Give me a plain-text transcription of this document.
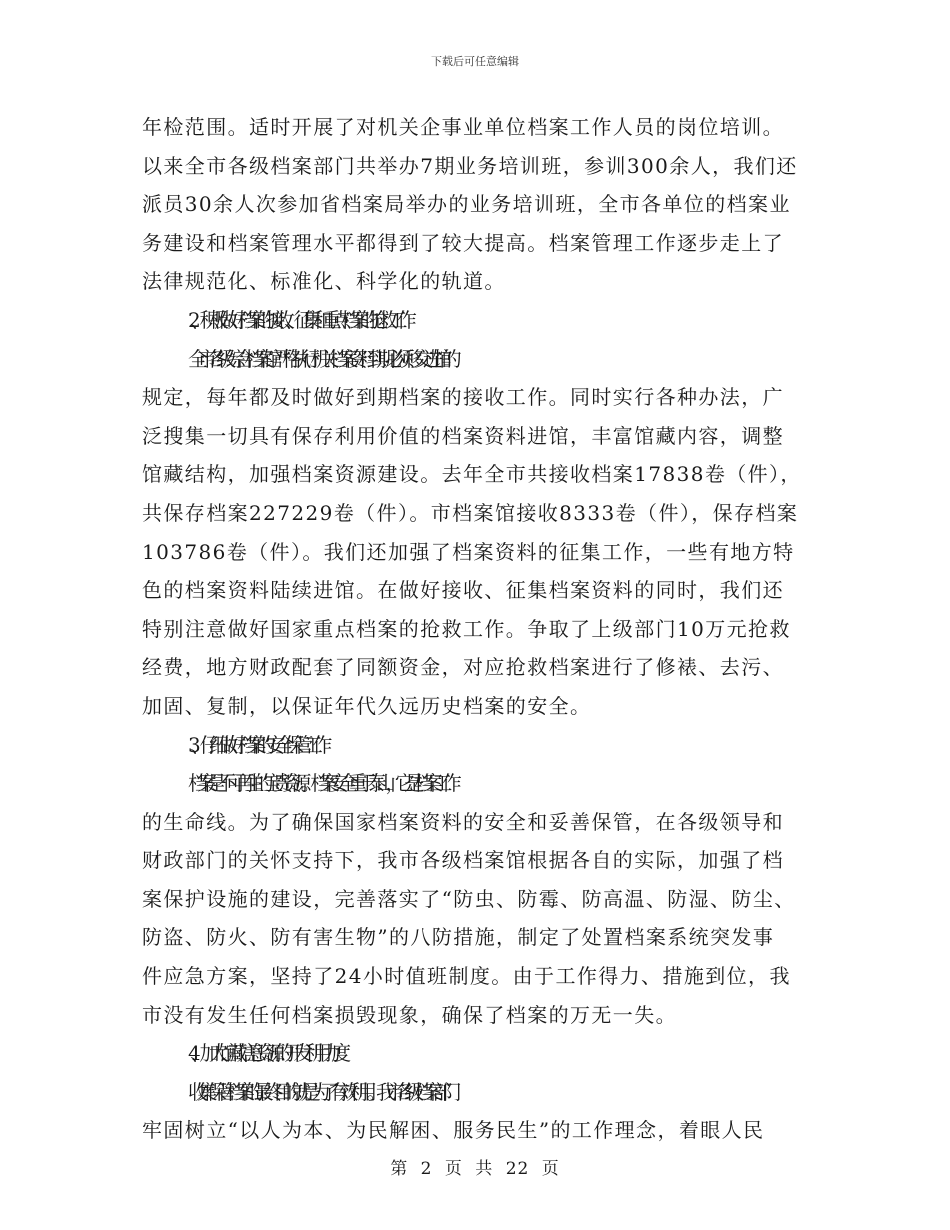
下载后可任意编辑
年检范围。适时开展了对机关企事业单位档案工作人员的岗位培训。
以来全市各级档案部门共举办7期业务培训班，参训300余人，我们还
派员30余人次参加省档案局举办的业务培训班，全市各单位的档案业
务建设和档案管理水平都得到了较大提高。档案管理工作逐步走上了
法律规范化、标准化、科学化的轨道。
2、积极做好档案的接收、征集和重点档案的抢救工作
全市各级综合档案馆严格执行机关档案资料到期必须移交进馆的
规定，每年都及时做好到期档案的接收工作。同时实行各种办法，广
泛搜集一切具有保存利用价值的档案资料进馆，丰富馆藏内容，调整
馆藏结构，加强档案资源建设。去年全市共接收档案17838卷（件），
共保存档案227229卷（件）。市档案馆接收8333卷（件），保存档案
103786卷（件）。我们还加强了档案资料的征集工作，一些有地方特
色的档案资料陆续进馆。在做好接收、征集档案资料的同时，我们还
特别注意做好国家重点档案的抢救工作。争取了上级部门10万元抢救
经费，地方财政配套了同额资金，对应抢救档案进行了修裱、去污、
加固、复制，以保证年代久远历史档案的安全。
3、仔细做好档案的安全保管工作
档案是不可再生的宝贵资源。档案安全重于泰山，它是档案工作
的生命线。为了确保国家档案资料的安全和妥善保管，在各级领导和
财政部门的关怀支持下，我市各级档案馆根据各自的实际，加强了档
案保护设施的建设，完善落实了“防虫、防霉、防高温、防湿、防尘、
防盗、防火、防有害生物”的八防措施，制定了处置档案系统突发事
件应急方案，坚持了24小时值班制度。由于工作得力、措施到位，我
市没有发生任何档案损毁现象，确保了档案的万无一失。
4、加大馆藏信息资源的开发利用力度
收集保管档案的最终目的就是为了有效利用。我市各级档案部门
牢固树立“以人为本、为民解困、服务民生”的工作理念，着眼人民
第 2 页 共 22 页
